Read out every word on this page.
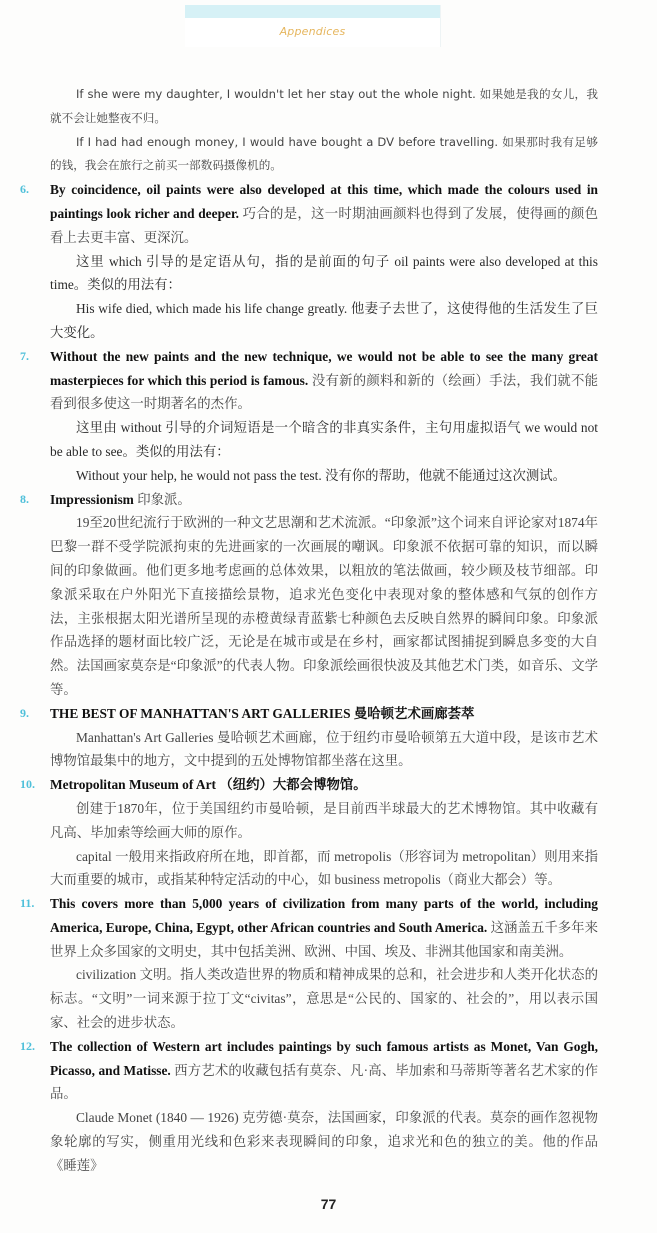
Appendices

If she were my daughter, I wouldn't let her stay out the whole night. 如果她是我的女儿，我就不会让她整夜不归。

If I had had enough money, I would have bought a DV before travelling. 如果那时我有足够的钱，我会在旅行之前买一部数码摄像机的。

6.	By coincidence, oil paints were also developed at this time, which made the colours used in paintings look richer and deeper. 巧合的是，这一时期油画颜料也得到了发展，使得画的颜色看上去更丰富、更深沉。

这里 which 引导的是定语从句，指的是前面的句子 oil paints were also developed at this time。类似的用法有：

His wife died, which made his life change greatly. 他妻子去世了，这使得他的生活发生了巨大变化。

7.	Without the new paints and the new technique, we would not be able to see the many great masterpieces for which this period is famous. 没有新的颜料和新的（绘画）手法，我们就不能看到很多使这一时期著名的杰作。

这里由 without 引导的介词短语是一个暗含的非真实条件，主句用虚拟语气 we would not be able to see。类似的用法有：

Without your help, he would not pass the test. 没有你的帮助，他就不能通过这次测试。

8.	Impressionism 印象派。

19至20世纪流行于欧洲的一种文艺思潮和艺术流派。“印象派”这个词来自评论家对1874年巴黎一群不受学院派拘束的先进画家的一次画展的嘲讽。印象派不依据可靠的知识，而以瞬间的印象做画。他们更多地考虑画的总体效果，以粗放的笔法做画，较少顾及枝节细部。印象派采取在户外阳光下直接描绘景物，追求光色变化中表现对象的整体感和气氛的创作方法，主张根据太阳光谱所呈现的赤橙黄绿青蓝紫七种颜色去反映自然界的瞬间印象。印象派作品选择的题材面比较广泛，无论是在城市或是在乡村，画家都试图捕捉到瞬息多变的大自然。法国画家莫奈是“印象派”的代表人物。印象派绘画很快波及其他艺术门类，如音乐、文学等。

9.	THE BEST OF MANHATTAN'S ART GALLERIES 曼哈顿艺术画廊荟萃

Manhattan's Art Galleries 曼哈顿艺术画廊，位于纽约市曼哈顿第五大道中段，是该市艺术博物馆最集中的地方，文中提到的五处博物馆都坐落在这里。

10.	Metropolitan Museum of Art （纽约）大都会博物馆。

创建于1870年，位于美国纽约市曼哈顿，是目前西半球最大的艺术博物馆。其中收藏有凡高、毕加索等绘画大师的原作。

capital 一般用来指政府所在地，即首都，而 metropolis（形容词为 metropolitan）则用来指大而重要的城市，或指某种特定活动的中心，如 business metropolis（商业大都会）等。

11.	This covers more than 5,000 years of civilization from many parts of the world, including America, Europe, China, Egypt, other African countries and South America. 这涵盖五千多年来世界上众多国家的文明史，其中包括美洲、欧洲、中国、埃及、非洲其他国家和南美洲。

civilization 文明。指人类改造世界的物质和精神成果的总和，社会进步和人类开化状态的标志。“文明”一词来源于拉丁文“civitas”，意思是“公民的、国家的、社会的”，用以表示国家、社会的进步状态。

12.	The collection of Western art includes paintings by such famous artists as Monet, Van Gogh, Picasso, and Matisse. 西方艺术的收藏包括有莫奈、凡·高、毕加索和马蒂斯等著名艺术家的作品。

Claude Monet (1840 — 1926) 克劳德·莫奈，法国画家，印象派的代表。莫奈的画作忽视物象轮廓的写实，侧重用光线和色彩来表现瞬间的印象，追求光和色的独立的美。他的作品《睡莲》

77
